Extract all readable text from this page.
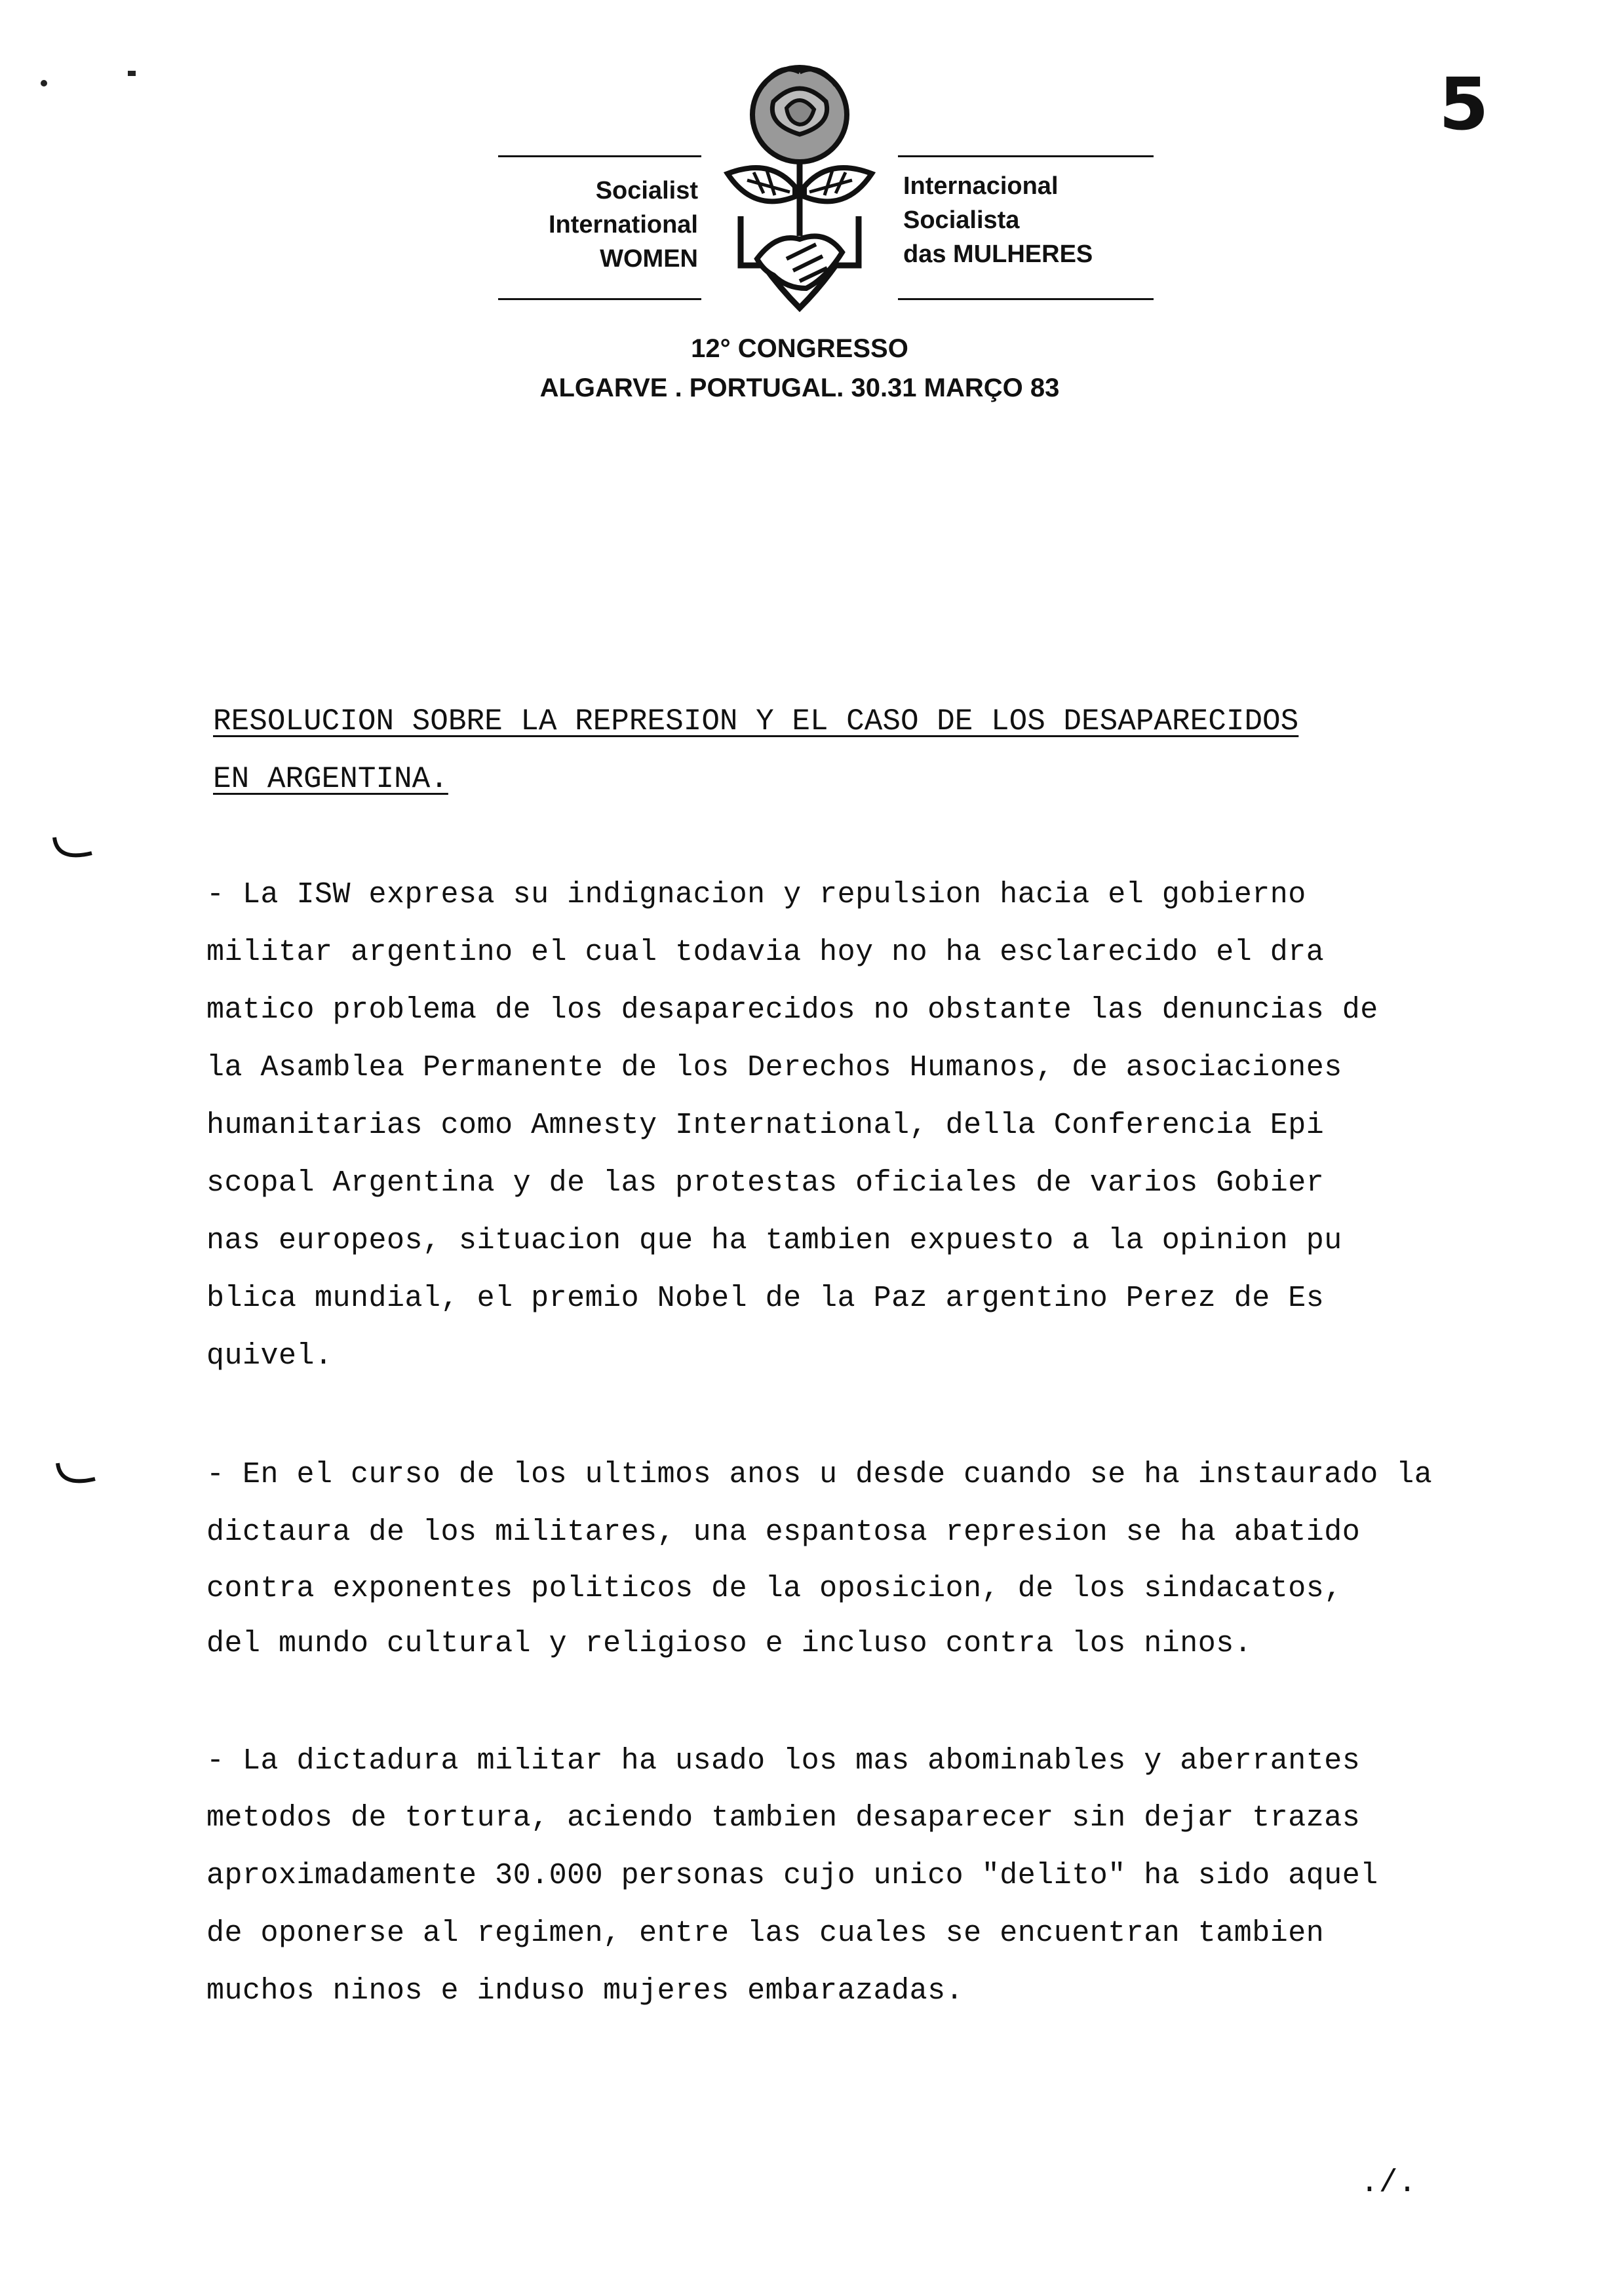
5
Socialist
International
WOMEN
Internacional
Socialista
das MULHERES
12° CONGRESSO
ALGARVE . PORTUGAL. 30.31 MARÇO 83
RESOLUCION SOBRE LA REPRESION Y EL CASO DE LOS DESAPARECIDOS
EN ARGENTINA.
- La ISW expresa su indignacion y repulsion hacia el gobierno
militar argentino el cual todavia hoy no ha esclarecido el dra
matico problema de los desaparecidos no obstante las denuncias de
la Asamblea Permanente de los Derechos Humanos, de asociaciones
humanitarias como Amnesty International, della Conferencia Epi
scopal Argentina y de las protestas oficiales de varios Gobier
nas europeos, situacion que ha tambien expuesto a la opinion pu
blica mundial, el premio Nobel de la Paz argentino Perez de Es
quivel.
- En el curso de los ultimos anos u desde cuando se ha instaurado la
dictaura de los militares, una espantosa represion se ha abatido
contra exponentes politicos de la oposicion, de los sindacatos,
del mundo cultural y religioso e incluso contra los ninos.
- La dictadura militar ha usado los mas abominables y aberrantes
metodos de tortura, aciendo tambien desaparecer sin dejar trazas
aproximadamente 30.000 personas cujo unico "delito" ha sido aquel
de oponerse al regimen, entre las cuales se encuentran tambien
muchos ninos e induso mujeres embarazadas.
./.
